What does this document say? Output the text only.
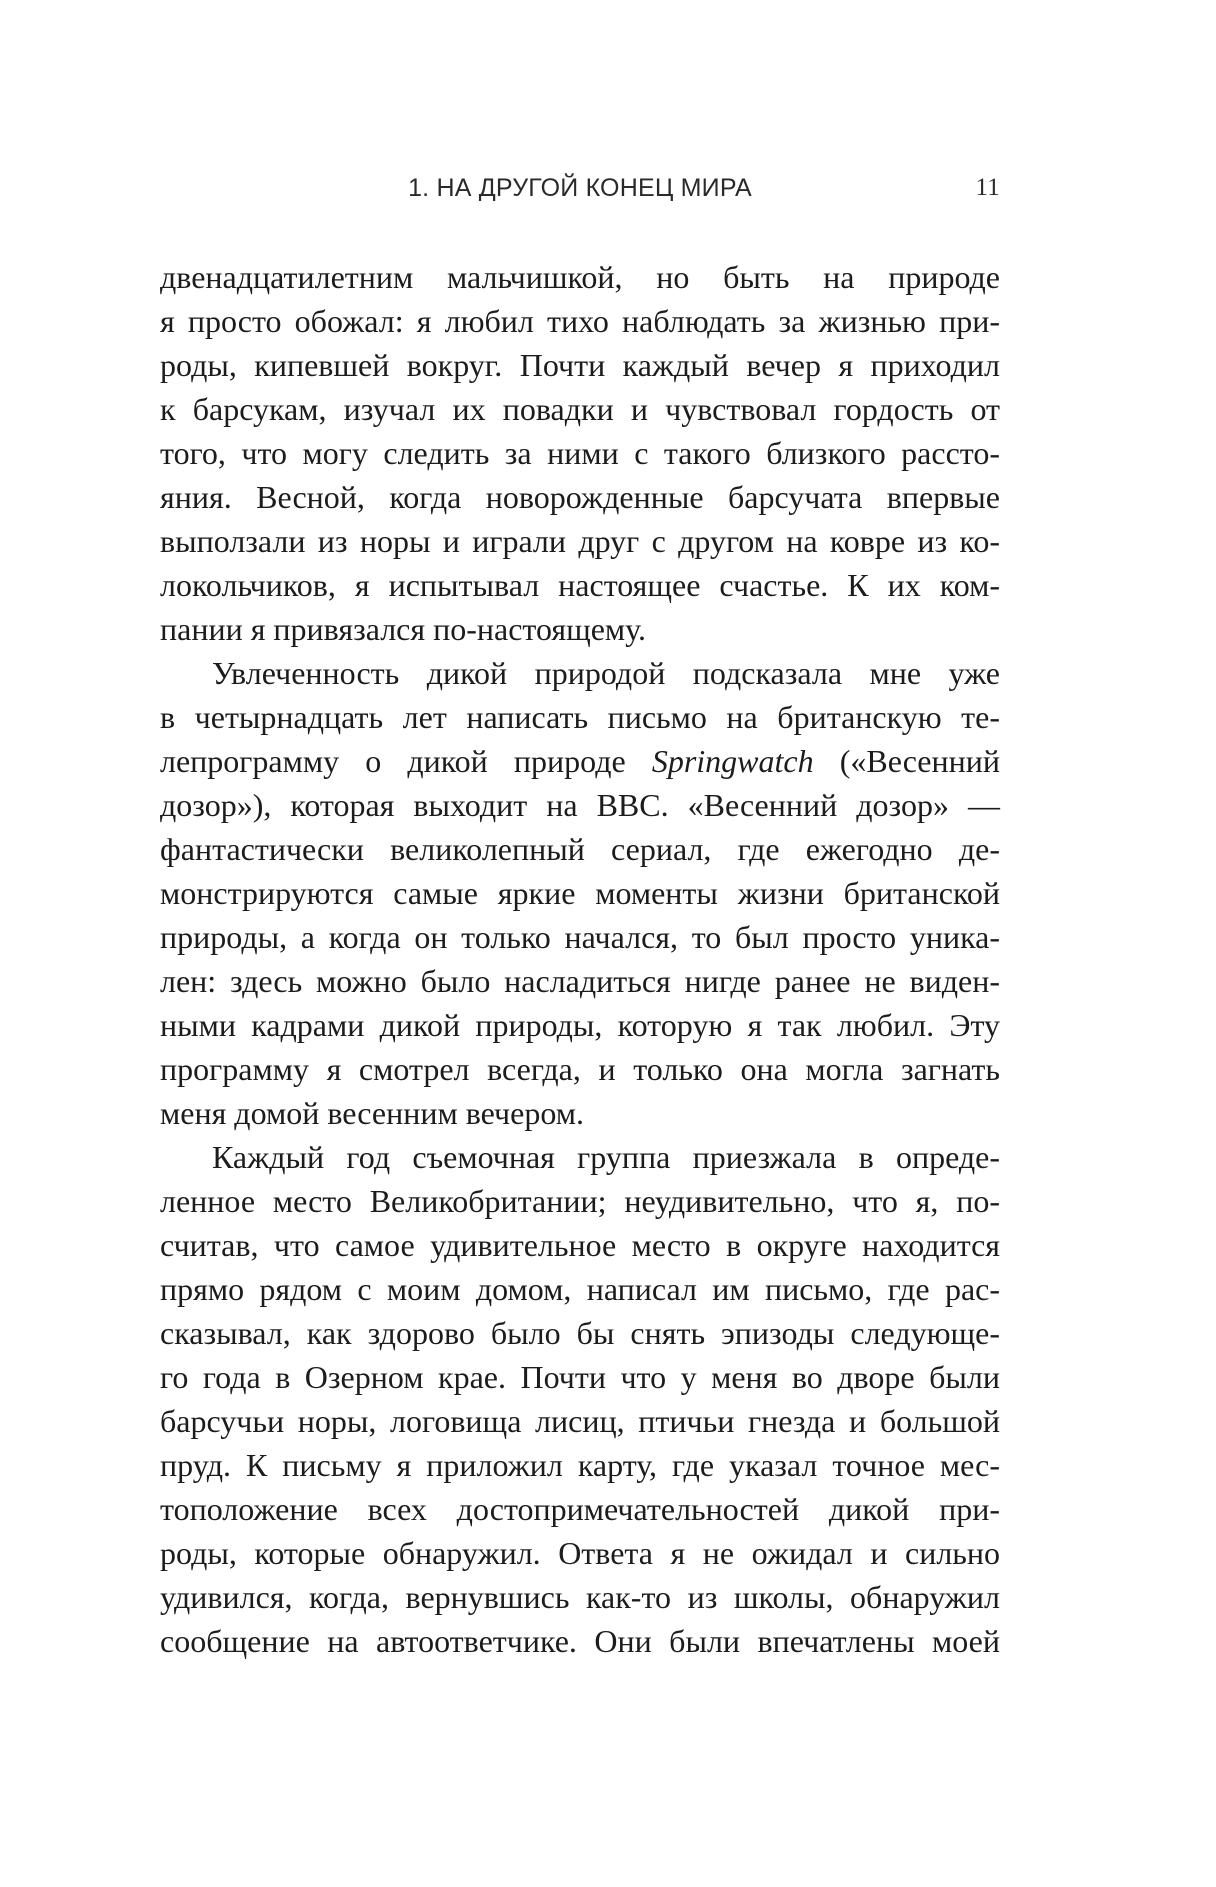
1. НА ДРУГОЙ КОНЕЦ МИРА	11
двенадцатилетним мальчишкой, но быть на природе
я просто обожал: я любил тихо наблюдать за жизнью при-
роды, кипевшей вокруг. Почти каждый вечер я приходил
к барсукам, изучал их повадки и чувствовал гордость от
того, что могу следить за ними с такого близкого рассто-
яния. Весной, когда новорожденные барсучата впервые
выползали из норы и играли друг с другом на ковре из ко-
локольчиков, я испытывал настоящее счастье. К их ком-
пании я привязался по-настоящему.
Увлеченность дикой природой подсказала мне уже
в четырнадцать лет написать письмо на британскую те-
лепрограмму о дикой природе Springwatch («Весенний
дозор»), которая выходит на BBC. «Весенний дозор» —
фантастически великолепный сериал, где ежегодно де-
монстрируются самые яркие моменты жизни британской
природы, а когда он только начался, то был просто уника-
лен: здесь можно было насладиться нигде ранее не виден-
ными кадрами дикой природы, которую я так любил. Эту
программу я смотрел всегда, и только она могла загнать
меня домой весенним вечером.
Каждый год съемочная группа приезжала в опреде-
ленное место Великобритании; неудивительно, что я, по-
считав, что самое удивительное место в округе находится
прямо рядом с моим домом, написал им письмо, где рас-
сказывал, как здорово было бы снять эпизоды следующе-
го года в Озерном крае. Почти что у меня во дворе были
барсучьи норы, логовища лисиц, птичьи гнезда и большой
пруд. К письму я приложил карту, где указал точное мес-
тоположение всех достопримечательностей дикой при-
роды, которые обнаружил. Ответа я не ожидал и сильно
удивился, когда, вернувшись как-то из школы, обнаружил
сообщение на автоответчике. Они были впечатлены моей
